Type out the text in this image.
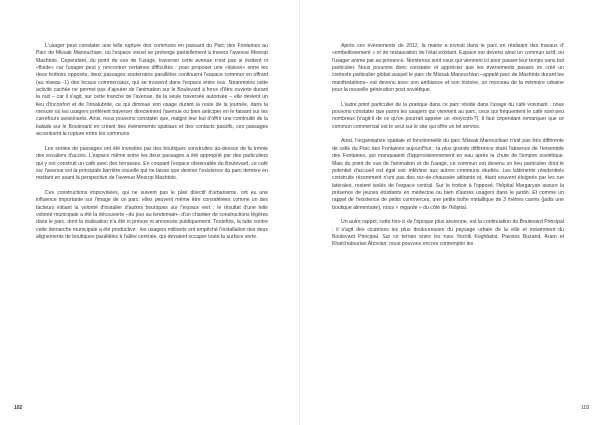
L'usager peut constater une telle rupture des communs en passant du Parc des Fontaines au Parc de Missak Manouchian, où l'espace visuel se prolonge partiellement à travers l'avenue Mesrop Mashtots. Cependant, du point de vue de l'usage, traverser cette avenue n'est pas si évident ni «fluide» car l'usager peut y rencontrer certaines difficultés : pour proposer une «liaison» entre les deux trottoirs opposés, deux passages souterrains parallèles continuent l'espace commun en offrant (au niveau -1) des locaux commerciaux, qui se trouvent dans l'espace entre eux. Néanmoins cette activité cachée ne permet pas d'ajouter de l'animation sur le Boulevard à force d'être ouverte durant la nuit – car il s'agit, sur cette tranche de l'avenue, de la seule traversée autorisée – elle devient un lieu d'inconfort et de l'insalubrité, ce qui diminue son usage durant la reste de la journée, dans la mesure où les usagers préfèrent traverser directement l'avenue ou bien anticiper en le faisant sur les carrefours avoisinants. Ainsi, nous pouvons constater que, malgré leur but d'offrir une continuité de la balade sur le Boulevard en créant des événements spatiaux et des contacts passifs, ces passages accentuent la rupture entre les communs.

Les sorties de passages ont été investies par des boutiques construites au-dessus de la trémie des escaliers d'accès. L'espace même entre les deux passages a été approprié par des particuliers qui y ont construit un café avec des terrasses. En coupant l'espace observable du Boulevard, ce café sur l'avenue est la principale barrière visuelle qui ne laisse que deviner l'existence du parc demère en mettant en avant la perspective de l'avenue Mesrop Mashtots.

Ces constructions improvisées, qui ne suivent pas le plan directif d'urbanisme, ont eu une influence importante sur l'image de ce parc: elles peuvent même être considérées comme un des facteurs initiant la volonté d'installer d'autres boutiques sur l'espace vert : le résultat d'une telle volonté municipale a été la découverte –du jour au lendemain– d'un chantier de constructions légères dans le parc, dont la réalisation n'a été ni prévue ni annoncée publiquement. Toutefois, la lutte contre cette démarche municipale a été productive : les usagers militants ont empêché l'installation des deux alignements de boutiques parallèles à l'allée centrale, qui devaient occuper toute la surface verte.

102

Après ces événements de 2012, la mairie a investi dans le parc en réalisant des travaux d' «embellissement » et de restauration de l'état existant. Espace est devenu ainsi un commun actif, où l'usager anime par sa présence. Nombreux sont ceux qui viennent ici pour passer leur temps sans but particulier. Nous pouvons donc constater et apprécier que les événements passés on créé un contexte particulier global auquel le parc de Missak Manouchian –appelé parc de Mashtots durant les manifestations– est devenu avec son ambiance et son histoire, un morceau de la mémoire urbaine pour la nouvelle génération post soviétique.

L'autre point particulier de la pratique dans ce parc réside dans l'usage du café voisinant : nous pouvons constater que parmi les usagers qui viennent au parc, ceux qui fréquentent le café sont peu nombreux (s'agit-il de ce qu'on pourrait appeler un «boycott»?). Il faut cependant remarquer que ce commun commercial est le seul sur le site qui offre un tel service.

Ainsi, l'organisation spatiale et fonctionnelle du parc Missak Manouchian n'est pas très différente de celle du Parc des Fontaines aujourd'hui ; la plus grande différence étant l'absence de l'ensemble des Fontaines, qui manquaient d'approvisionnement en eau après la chute de l'empire soviétique. Mais du point de vue de l'animation et de l'usage, ce commun est devenu un lieu particulier dont le potentiel d'accueil est égal voir inférieur aux autres communs étudiés. Les bâtiments résidentiels construits récemment n'ont pas des rez-de-chaussée attirants et, étant souvent éloignés par les rue latérales, restent isolés de l'espace central. Sur le trottoir à l'opposé, l'hôpital Margaryan assure la présence de jeunes étudiants en médecine ou bien d'autres usagers dans le jardin. Et comme un rappel de l'existence de petits commerces, une petite boîte métallique de 3 mètres carrés (jadis une boutique alimentaire), nous « regarde » du côté de l'hôpital.

Un autre rappel, cette fois-ci de l'époque plus ancienne, est la continuation du Boulevard Principal : il s'agit des cicatrices les plus douloureuses du paysage urbain de la ville et notamment du Boulevard Principal. Sur ce terrain entre les rues Yeznik Koghbatsi, Pavstos Buzand, Aram et Khatchatourian Abovian, nous pouvons encore contempler les

103
